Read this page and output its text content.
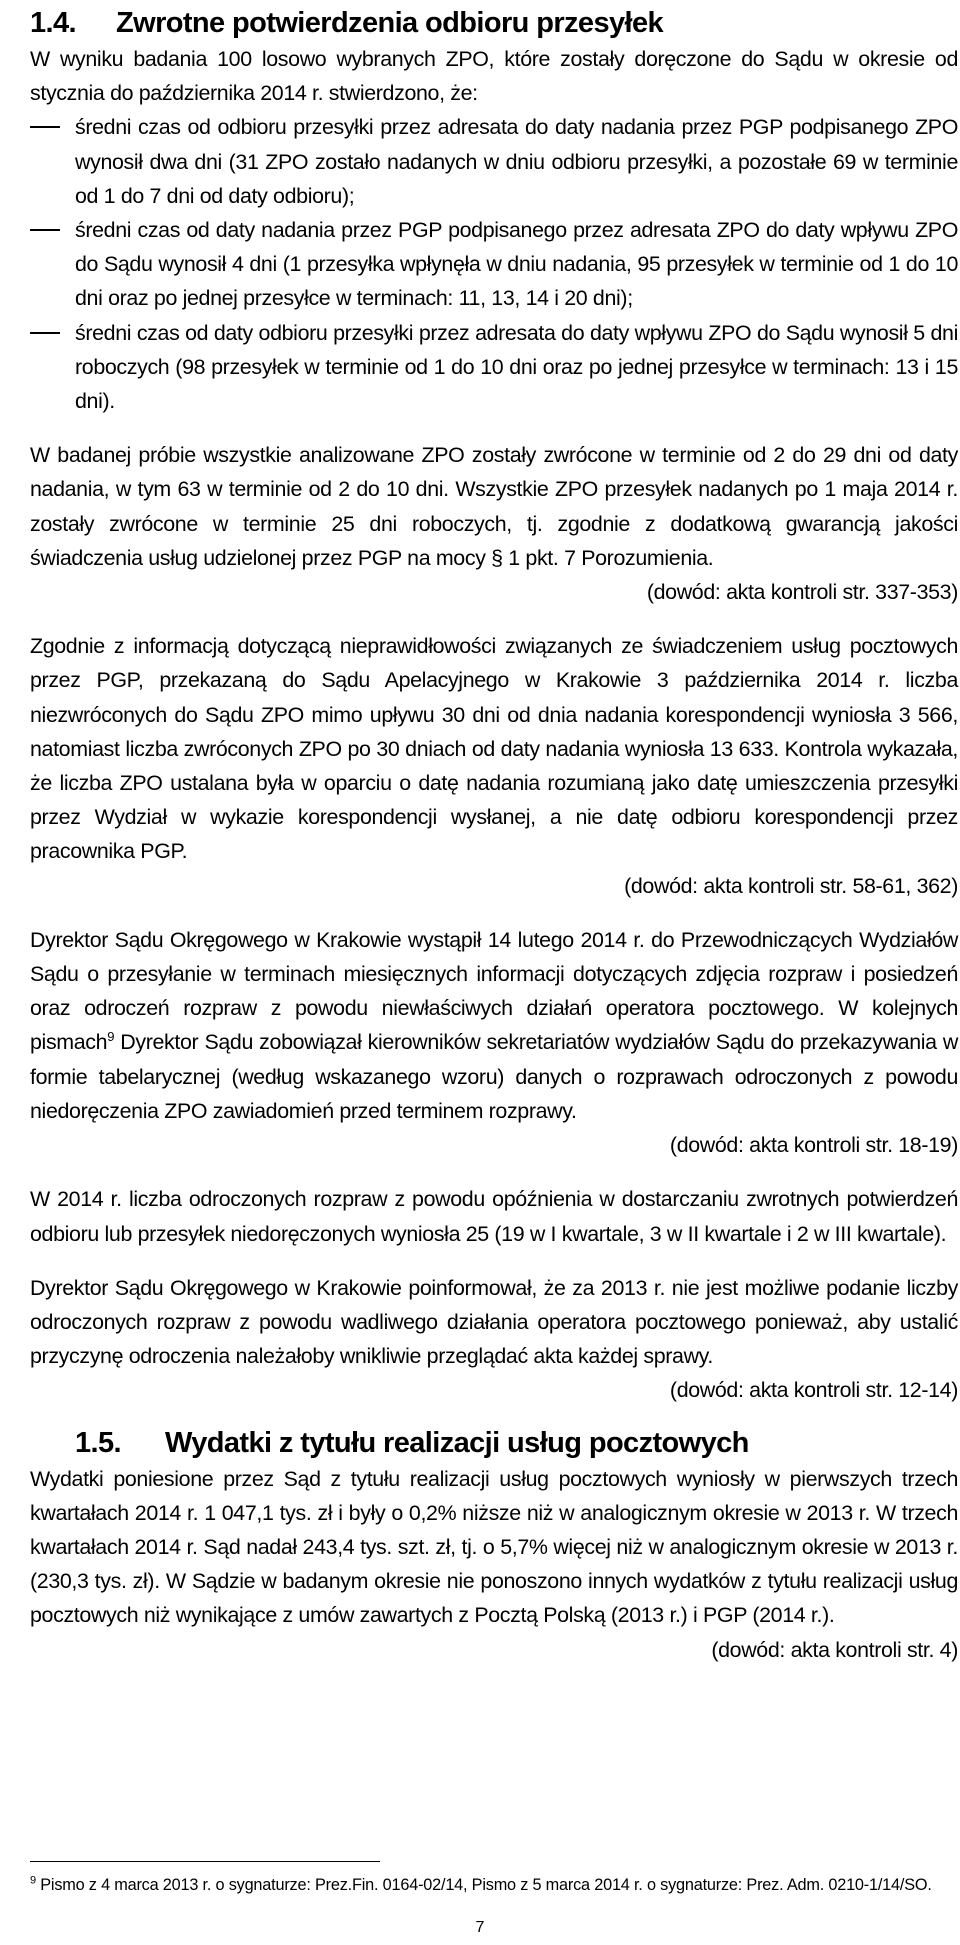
1.4.	Zwrotne potwierdzenia odbioru przesyłek

W wyniku badania 100 losowo wybranych ZPO, które zostały doręczone do Sądu w okresie od stycznia do października 2014 r. stwierdzono, że:

średni czas od odbioru przesyłki przez adresata do daty nadania przez PGP podpisanego ZPO wynosił dwa dni (31 ZPO zostało nadanych w dniu odbioru przesyłki, a pozostałe 69 w terminie od 1 do 7 dni od daty odbioru);
średni czas od daty nadania przez PGP podpisanego przez adresata ZPO do daty wpływu ZPO do Sądu wynosił 4 dni (1 przesyłka wpłynęła w dniu nadania, 95 przesyłek w terminie od 1 do 10 dni oraz po jednej przesyłce w terminach: 11, 13, 14 i 20 dni);
średni czas od daty odbioru przesyłki przez adresata do daty wpływu ZPO do Sądu wynosił 5 dni roboczych (98 przesyłek w terminie od 1 do 10 dni oraz po jednej przesyłce w terminach: 13 i 15 dni).

W badanej próbie wszystkie analizowane ZPO zostały zwrócone w terminie od 2 do 29 dni od daty nadania, w tym 63 w terminie od 2 do 10 dni. Wszystkie ZPO przesyłek nadanych po 1 maja 2014 r. zostały zwrócone w terminie 25 dni roboczych, tj. zgodnie z dodatkową gwarancją jakości świadczenia usług udzielonej przez PGP na mocy § 1 pkt. 7 Porozumienia.

(dowód: akta kontroli str. 337-353)

Zgodnie z informacją dotyczącą nieprawidłowości związanych ze świadczeniem usług pocztowych przez PGP, przekazaną do Sądu Apelacyjnego w Krakowie 3 października 2014 r. liczba niezwróconych do Sądu ZPO mimo upływu 30 dni od dnia nadania korespondencji wyniosła 3 566, natomiast liczba zwróconych ZPO po 30 dniach od daty nadania wyniosła 13 633. Kontrola wykazała, że liczba ZPO ustalana była w oparciu o datę nadania rozumianą jako datę umieszczenia przesyłki przez Wydział w wykazie korespondencji wysłanej, a nie datę odbioru korespondencji przez pracownika PGP.

(dowód: akta kontroli str. 58-61, 362)

Dyrektor Sądu Okręgowego w Krakowie wystąpił 14 lutego 2014 r. do Przewodniczących Wydziałów Sądu o przesyłanie w terminach miesięcznych informacji dotyczących zdjęcia rozpraw i posiedzeń oraz odroczeń rozpraw z powodu niewłaściwych działań operatora pocztowego. W kolejnych pismach$^9$ Dyrektor Sądu zobowiązał kierowników sekretariatów wydziałów Sądu do przekazywania w formie tabelarycznej (według wskazanego wzoru) danych o rozprawach odroczonych z powodu niedoręczenia ZPO zawiadomień przed terminem rozprawy.

(dowód: akta kontroli str. 18-19)

W 2014 r. liczba odroczonych rozpraw z powodu opóźnienia w dostarczaniu zwrotnych potwierdzeń odbioru lub przesyłek niedoręczonych wyniosła 25 (19 w I kwartale, 3 w II kwartale i 2 w III kwartale).

Dyrektor Sądu Okręgowego w Krakowie poinformował, że za 2013 r. nie jest możliwe podanie liczby odroczonych rozpraw z powodu wadliwego działania operatora pocztowego ponieważ, aby ustalić przyczynę odroczenia należałoby wnikliwie przeglądać akta każdej sprawy.

(dowód: akta kontroli str. 12-14)

1.5.	Wydatki z tytułu realizacji usług pocztowych

Wydatki poniesione przez Sąd z tytułu realizacji usług pocztowych wyniosły w pierwszych trzech kwartałach 2014 r. 1 047,1 tys. zł i były o 0,2% niższe niż w analogicznym okresie w 2013 r. W trzech kwartałach 2014 r. Sąd nadał 243,4 tys. szt. zł, tj. o 5,7% więcej niż w analogicznym okresie w 2013 r. (230,3 tys. zł). W Sądzie w badanym okresie nie ponoszono innych wydatków z tytułu realizacji usług pocztowych niż wynikające z umów zawartych z Pocztą Polską (2013 r.) i PGP (2014 r.).

(dowód: akta kontroli str. 4)

$^9$ Pismo z 4 marca 2013 r. o sygnaturze: Prez.Fin. 0164-02/14, Pismo z 5 marca 2014 r. o sygnaturze: Prez. Adm. 0210-1/14/SO.
7
